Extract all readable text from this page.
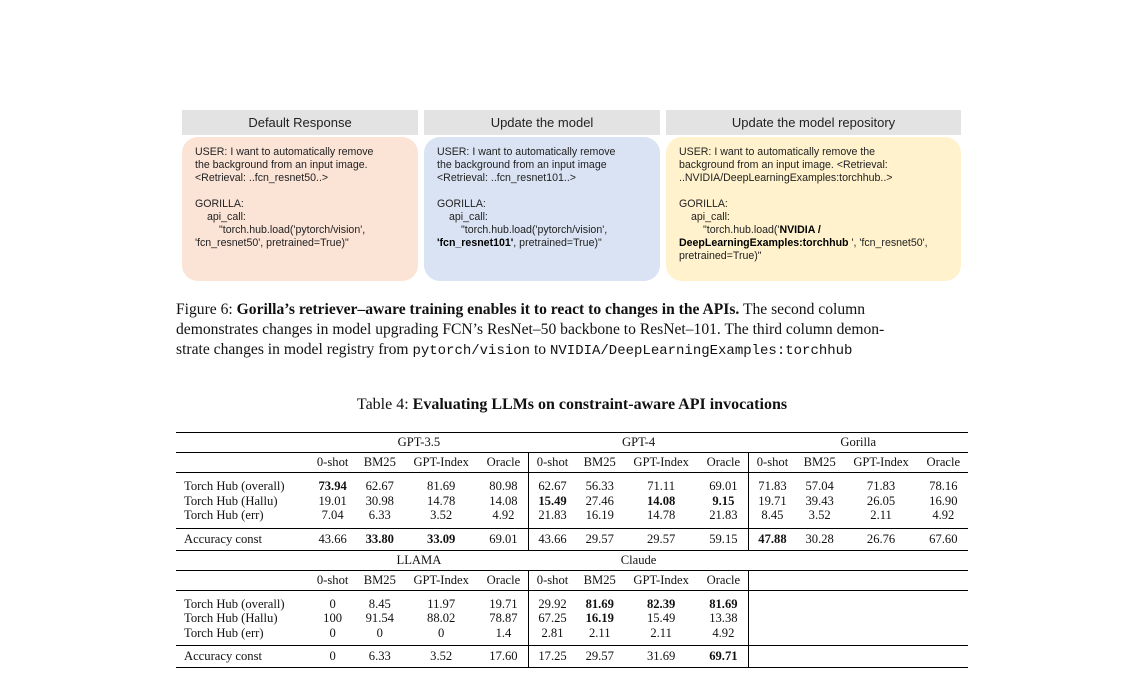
Default Response
USER: I want to automatically remove
the background from an input image.
<Retrieval: ..fcn_resnet50..>
GORILLA:
api_call:
"torch.hub.load('pytorch/vision',
'fcn_resnet50', pretrained=True)"
Update the model
USER: I want to automatically remove
the background from an input image
<Retrieval: ..fcn_resnet101..>
GORILLA:
api_call:
"torch.hub.load('pytorch/vision',
'fcn_resnet101', pretrained=True)"
Update the model repository
USER: I want to automatically remove the
background from an input image. <Retrieval:
..NVIDIA/DeepLearningExamples:torchhub..>
GORILLA:
api_call:
"torch.hub.load('NVIDIA /
DeepLearningExamples:torchhub ', 'fcn_resnet50',
pretrained=True)"
Figure 6: Gorilla’s retriever–aware training enables it to react to changes in the APIs. The second column
demonstrates changes in model upgrading FCN’s ResNet–50 backbone to ResNet–101. The third column demon-
strate changes in model registry from pytorch/vision to NVIDIA/DeepLearningExamples:torchhub
Table 4: Evaluating LLMs on constraint-aware API invocations
	GPT-3.5				GPT-4				Gorilla			
	0-shot	BM25	GPT-Index	Oracle	0-shot	BM25	GPT-Index	Oracle	0-shot	BM25	GPT-Index	Oracle
Torch Hub (overall)	73.94	62.67	81.69	80.98	62.67	56.33	71.11	69.01	71.83	57.04	71.83	78.16
Torch Hub (Hallu)	19.01	30.98	14.78	14.08	15.49	27.46	14.08	9.15	19.71	39.43	26.05	16.90
Torch Hub (err)	7.04	6.33	3.52	4.92	21.83	16.19	14.78	21.83	8.45	3.52	2.11	4.92
Accuracy const	43.66	33.80	33.09	69.01	43.66	29.57	29.57	59.15	47.88	30.28	26.76	67.60
	LLAMA				Claude							
	0-shot	BM25	GPT-Index	Oracle	0-shot	BM25	GPT-Index	Oracle				
Torch Hub (overall)	0	8.45	11.97	19.71	29.92	81.69	82.39	81.69				
Torch Hub (Hallu)	100	91.54	88.02	78.87	67.25	16.19	15.49	13.38				
Torch Hub (err)	0	0	0	1.4	2.81	2.11	2.11	4.92				
Accuracy const	0	6.33	3.52	17.60	17.25	29.57	31.69	69.71				
